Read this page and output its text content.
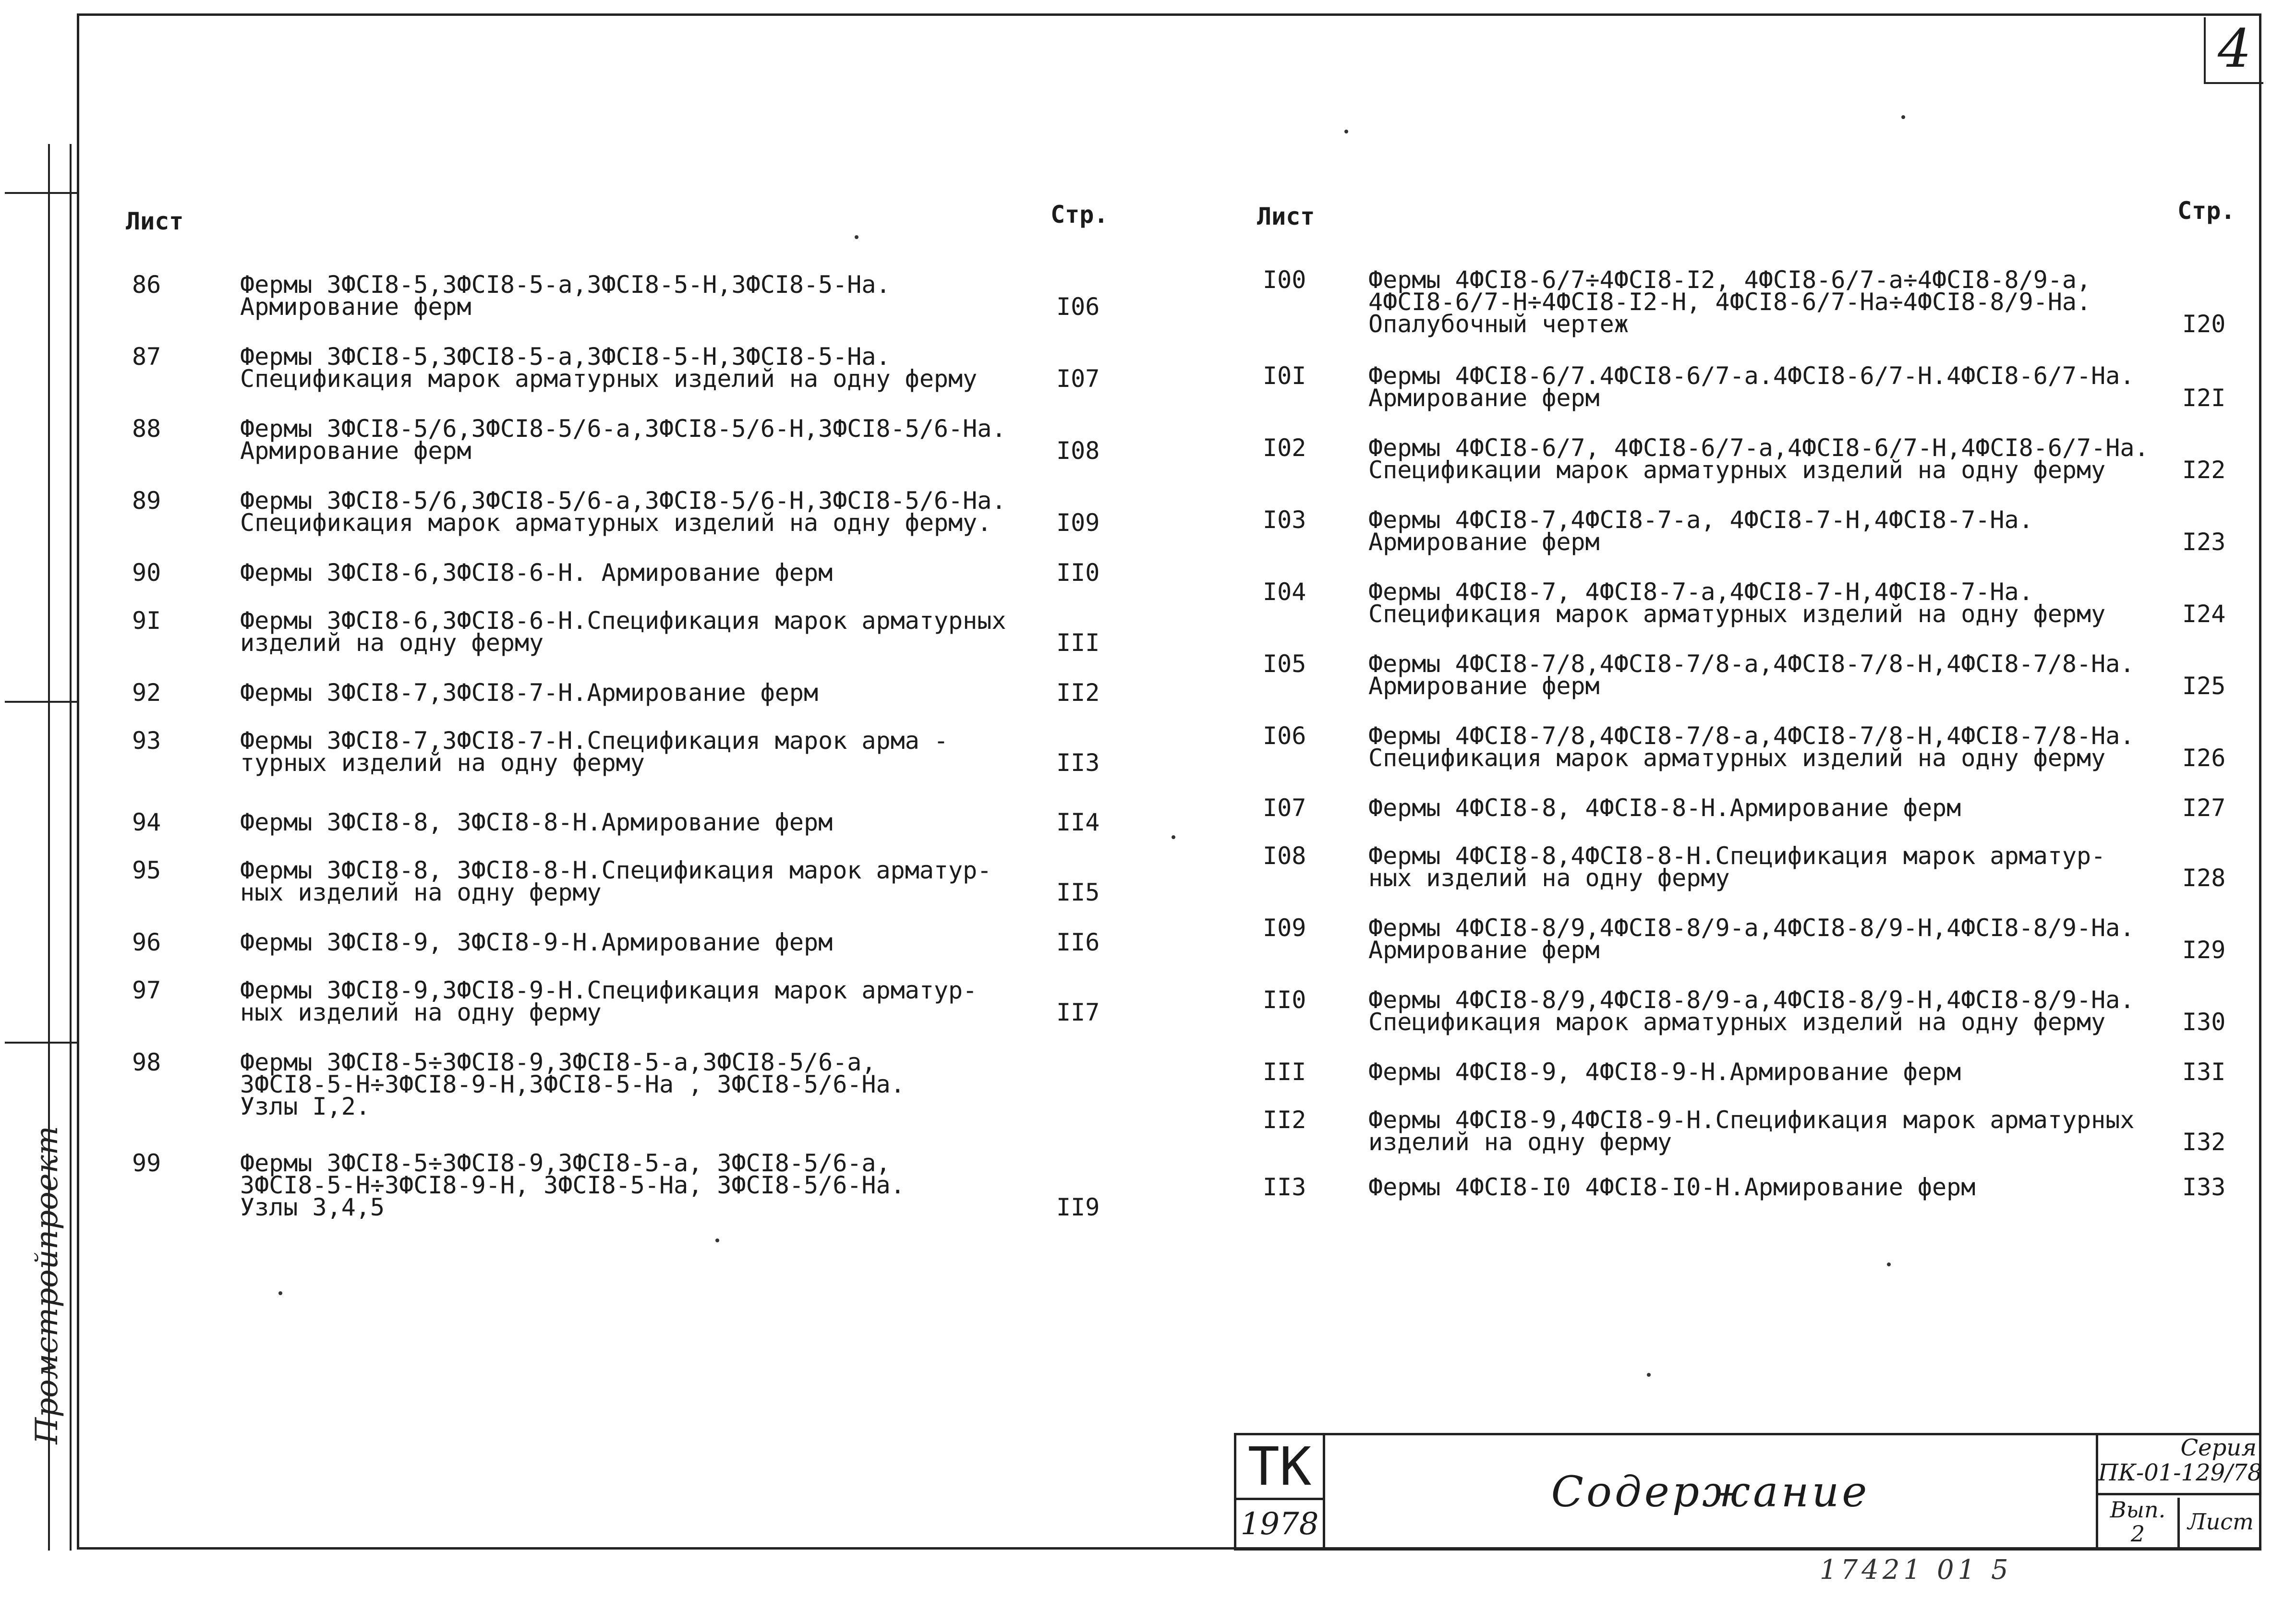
Промстройпроект
4
Лист	Стр.
86	Фермы 3ФСI8-5,3ФСI8-5-а,3ФСI8-5-Н,3ФСI8-5-На.
Армирование ферм	I06
87	Фермы 3ФСI8-5,3ФСI8-5-а,3ФСI8-5-Н,3ФСI8-5-На.
Спецификация марок арматурных изделий на одну ферму	I07
88	Фермы 3ФСI8-5/6,3ФСI8-5/6-а,3ФСI8-5/6-Н,3ФСI8-5/6-На.
Армирование ферм	I08
89	Фермы 3ФСI8-5/6,3ФСI8-5/6-а,3ФСI8-5/6-Н,3ФСI8-5/6-На.
Спецификация марок арматурных изделий на одну ферму.	I09
90	Фермы 3ФСI8-6,3ФСI8-6-Н. Армирование ферм	II0
9I	Фермы 3ФСI8-6,3ФСI8-6-Н.Спецификация марок арматурных
изделий на одну ферму	III
92	Фермы 3ФСI8-7,3ФСI8-7-Н.Армирование ферм	II2
93	Фермы 3ФСI8-7,3ФСI8-7-Н.Спецификация марок арма -
турных изделий на одну ферму	II3
94	Фермы 3ФСI8-8, 3ФСI8-8-Н.Армирование ферм	II4
95	Фермы 3ФСI8-8, 3ФСI8-8-Н.Спецификация марок арматур-
ных изделий на одну ферму	II5
96	Фермы 3ФСI8-9, 3ФСI8-9-Н.Армирование ферм	II6
97	Фермы 3ФСI8-9,3ФСI8-9-Н.Спецификация марок арматур-
ных изделий на одну ферму	II7
98	Фермы 3ФСI8-5÷3ФСI8-9,3ФСI8-5-а,3ФСI8-5/6-а,
3ФСI8-5-Н÷3ФСI8-9-Н,3ФСI8-5-На , 3ФСI8-5/6-На.
Узлы I,2.
99	Фермы 3ФСI8-5÷3ФСI8-9,3ФСI8-5-а, 3ФСI8-5/6-а,
3ФСI8-5-Н÷3ФСI8-9-Н, 3ФСI8-5-На, 3ФСI8-5/6-На.
Узлы 3,4,5	II9
Лист	Стр.
I00	Фермы 4ФСI8-6/7÷4ФСI8-I2, 4ФСI8-6/7-а÷4ФСI8-8/9-а,
4ФСI8-6/7-Н÷4ФСI8-I2-Н, 4ФСI8-6/7-На÷4ФСI8-8/9-На.
Опалубочный чертеж	I20
I0I	Фермы 4ФСI8-6/7.4ФСI8-6/7-а.4ФСI8-6/7-Н.4ФСI8-6/7-На.
Армирование ферм	I2I
I02	Фермы 4ФСI8-6/7, 4ФСI8-6/7-а,4ФСI8-6/7-Н,4ФСI8-6/7-На.
Спецификации марок арматурных изделий на одну ферму	I22
I03	Фермы 4ФСI8-7,4ФСI8-7-а, 4ФСI8-7-Н,4ФСI8-7-На.
Армирование ферм	I23
I04	Фермы 4ФСI8-7, 4ФСI8-7-а,4ФСI8-7-Н,4ФСI8-7-На.
Спецификация марок арматурных изделий на одну ферму	I24
I05	Фермы 4ФСI8-7/8,4ФСI8-7/8-а,4ФСI8-7/8-Н,4ФСI8-7/8-На.
Армирование ферм	I25
I06	Фермы 4ФСI8-7/8,4ФСI8-7/8-а,4ФСI8-7/8-Н,4ФСI8-7/8-На.
Спецификация марок арматурных изделий на одну ферму	I26
I07	Фермы 4ФСI8-8, 4ФСI8-8-Н.Армирование ферм	I27
I08	Фермы 4ФСI8-8,4ФСI8-8-Н.Спецификация марок арматур-
ных изделий на одну ферму	I28
I09	Фермы 4ФСI8-8/9,4ФСI8-8/9-а,4ФСI8-8/9-Н,4ФСI8-8/9-На.
Армирование ферм	I29
II0	Фермы 4ФСI8-8/9,4ФСI8-8/9-а,4ФСI8-8/9-Н,4ФСI8-8/9-На.
Спецификация марок арматурных изделий на одну ферму	I30
III	Фермы 4ФСI8-9, 4ФСI8-9-Н.Армирование ферм	I3I
II2	Фермы 4ФСI8-9,4ФСI8-9-Н.Спецификация марок арматурных
изделий на одну ферму	I32
II3	Фермы 4ФСI8-I0 4ФСI8-I0-Н.Армирование ферм	I33
ТК
1978
Содержание
Серия
ПК-01-129/78
Вып.
2	Лист
17421 01 5
